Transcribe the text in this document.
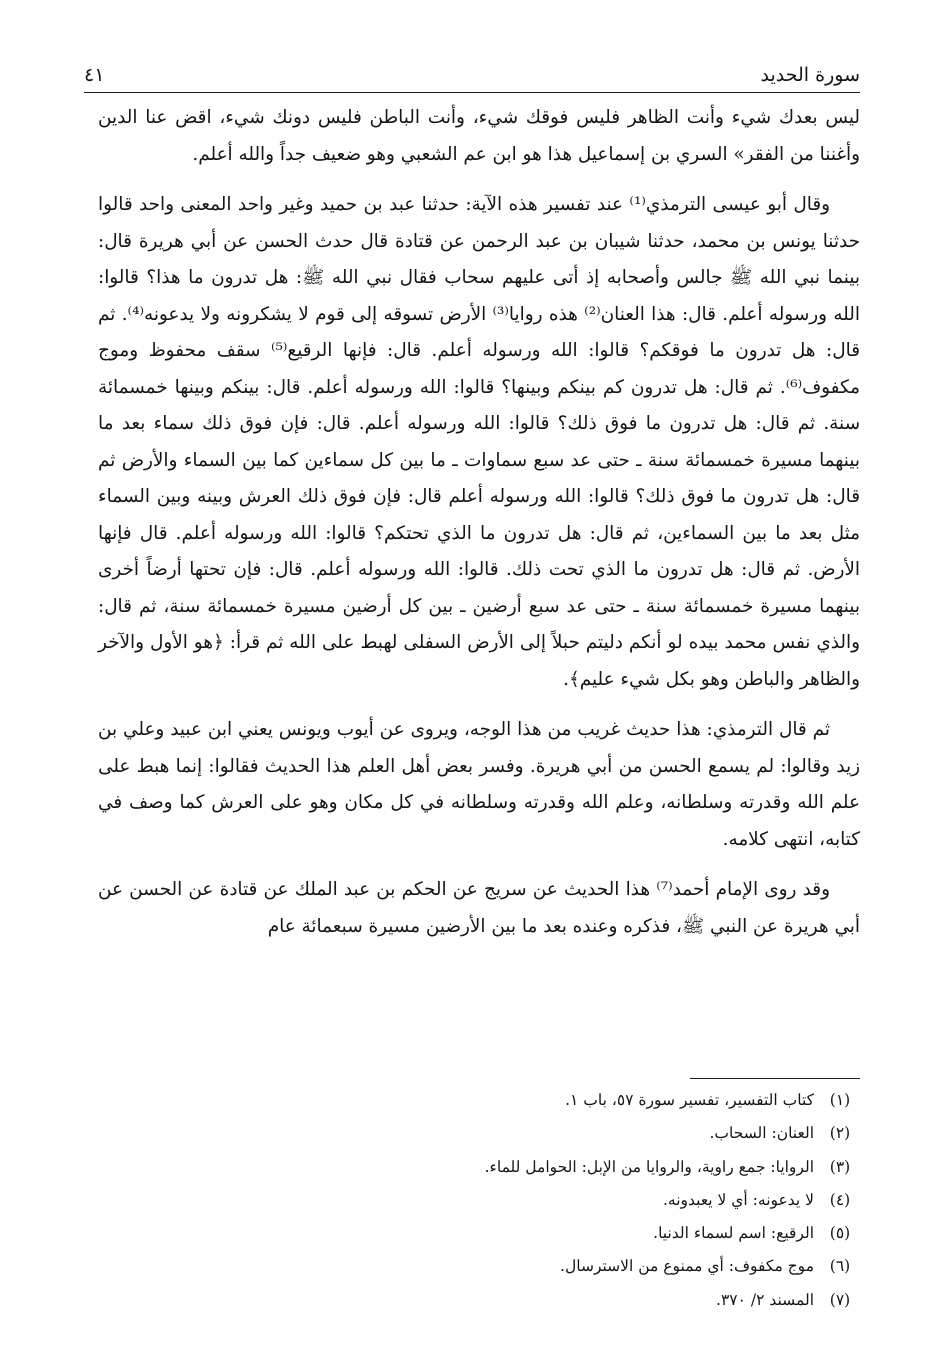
سورة الحديد
٤١

ليس بعدك شيء وأنت الظاهر فليس فوقك شيء، وأنت الباطن فليس دونك شيء، اقض عنا الدين وأغننا من الفقر» السري بن إسماعيل هذا هو ابن عم الشعبي وهو ضعيف جداً والله أعلم.

وقال أبو عيسى الترمذي⁽¹⁾ عند تفسير هذه الآية: حدثنا عبد بن حميد وغير واحد المعنى واحد قالوا حدثنا يونس بن محمد، حدثنا شيبان بن عبد الرحمن عن قتادة قال حدث الحسن عن أبي هريرة قال: بينما نبي الله ﷺ جالس وأصحابه إذ أتى عليهم سحاب فقال نبي الله ﷺ: هل تدرون ما هذا؟ قالوا: الله ورسوله أعلم. قال: هذا العنان⁽²⁾ هذه روايا⁽³⁾ الأرض تسوقه إلى قوم لا يشكرونه ولا يدعونه⁽⁴⁾. ثم قال: هل تدرون ما فوقكم؟ قالوا: الله ورسوله أعلم. قال: فإنها الرقيع⁽⁵⁾ سقف محفوظ وموج مكفوف⁽⁶⁾. ثم قال: هل تدرون كم بينكم وبينها؟ قالوا: الله ورسوله أعلم. قال: بينكم وبينها خمسمائة سنة. ثم قال: هل تدرون ما فوق ذلك؟ قالوا: الله ورسوله أعلم. قال: فإن فوق ذلك سماء بعد ما بينهما مسيرة خمسمائة سنة ـ حتى عد سبع سماوات ـ ما بين كل سماءين كما بين السماء والأرض ثم قال: هل تدرون ما فوق ذلك؟ قالوا: الله ورسوله أعلم قال: فإن فوق ذلك العرش وبينه وبين السماء مثل بعد ما بين السماءين، ثم قال: هل تدرون ما الذي تحتكم؟ قالوا: الله ورسوله أعلم. قال فإنها الأرض. ثم قال: هل تدرون ما الذي تحت ذلك. قالوا: الله ورسوله أعلم. قال: فإن تحتها أرضاً أخرى بينهما مسيرة خمسمائة سنة ـ حتى عد سبع أرضين ـ بين كل أرضين مسيرة خمسمائة سنة، ثم قال: والذي نفس محمد بيده لو أنكم دليتم حبلاً إلى الأرض السفلى لهبط على الله ثم قرأ: ﴿هو الأول والآخر والظاهر والباطن وهو بكل شيء عليم﴾.

ثم قال الترمذي: هذا حديث غريب من هذا الوجه، ويروى عن أيوب ويونس يعني ابن عبيد وعلي بن زيد وقالوا: لم يسمع الحسن من أبي هريرة. وفسر بعض أهل العلم هذا الحديث فقالوا: إنما هبط على علم الله وقدرته وسلطانه، وعلم الله وقدرته وسلطانه في كل مكان وهو على العرش كما وصف في كتابه، انتهى كلامه.

وقد روى الإمام أحمد⁽⁷⁾ هذا الحديث عن سريج عن الحكم بن عبد الملك عن قتادة عن الحسن عن أبي هريرة عن النبي ﷺ، فذكره وعنده بعد ما بين الأرضين مسيرة سبعمائة عام

(١)
كتاب التفسير، تفسير سورة ٥٧، باب ١.
(٢)
العنان: السحاب.
(٣)
الروايا: جمع راوية، والروايا من الإبل: الحوامل للماء.
(٤)
لا يدعونه: أي لا يعبدونه.
(٥)
الرقيع: اسم لسماء الدنيا.
(٦)
موج مكفوف: أي ممنوع من الاسترسال.
(٧)
المسند ٢/ ٣٧٠.
